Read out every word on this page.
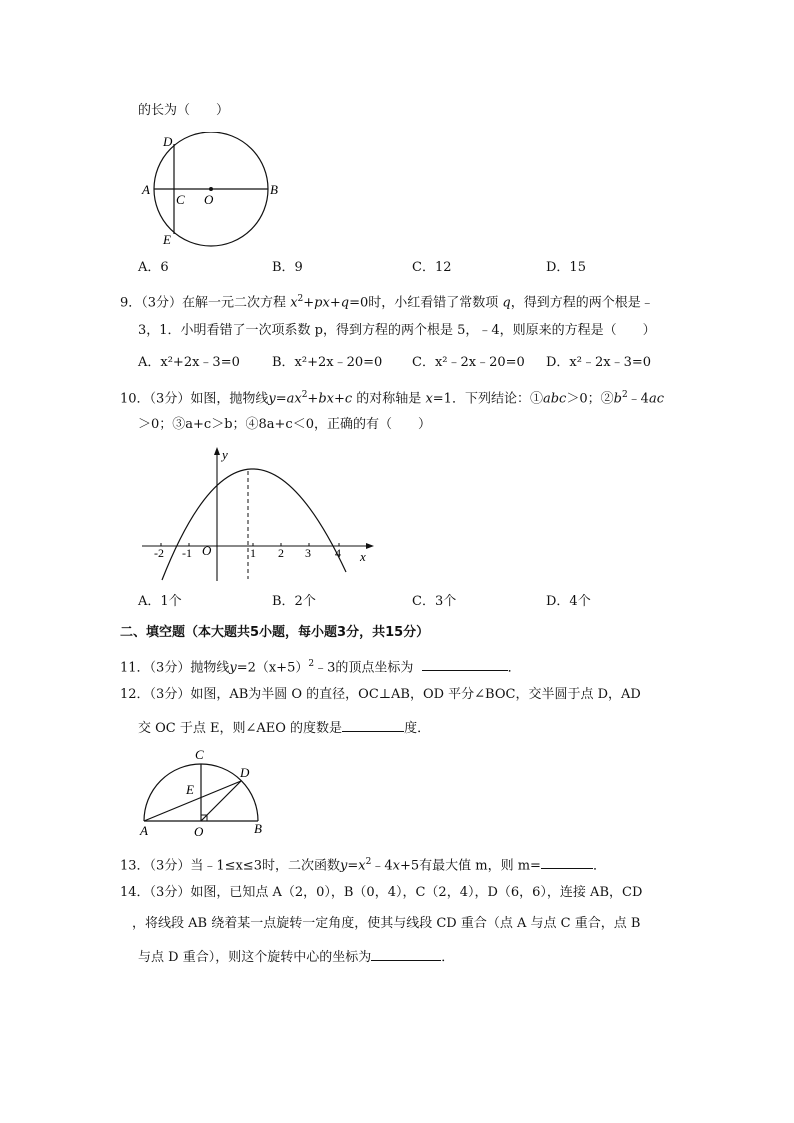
的长为（　　）
D
A
C O
B
E
A．6	B．9	C．12	D．15
9．（3分）在解一元二次方程 $x^2+px+q=0$时，小红看错了常数项 q，得到方程的两个根是﹣
3，1．小明看错了一次项系数 p，得到方程的两个根是 5，﹣4，则原来的方程是（　　）
A．x²+2x﹣3=0 B．x²+2x﹣20=0 C．x²﹣2x﹣20=0 D．x²﹣2x﹣3=0
10．（3分）如图，抛物线$y=ax^2+bx+c$ 的对称轴是 x=1．下列结论：①abc＞0；$②b^2﹣4ac$
＞0；③a+c＞b；④8a+c＜0，正确的有（　　）
y
x
O
-2 -1	1 2 3 4
A．1个	B．2个	C．3个	D．4个
二、填空题（本大题共5小题，每小题3分，共15分）
11．（3分）抛物线$y=2(x+5)^2﹣3$的顶点坐标为	．
12．（3分）如图，AB为半圆 O 的直径，OC⊥AB，OD 平分∠BOC，交半圆于点 D，AD
交 OC 于点 E，则∠AEO 的度数是	度．
C
D
E
A	O	B
13．（3分）当﹣1≤x≤3时，二次函数$y=x^2﹣4x+5$有最大值 m，则 m=	．
14．（3分）如图，已知点 A（2，0），B（0，4），C（2，4），D（6，6），连接 AB，CD
，将线段 AB 绕着某一点旋转一定角度，使其与线段 CD 重合（点 A 与点 C 重合，点 B
与点 D 重合），则这个旋转中心的坐标为	．
